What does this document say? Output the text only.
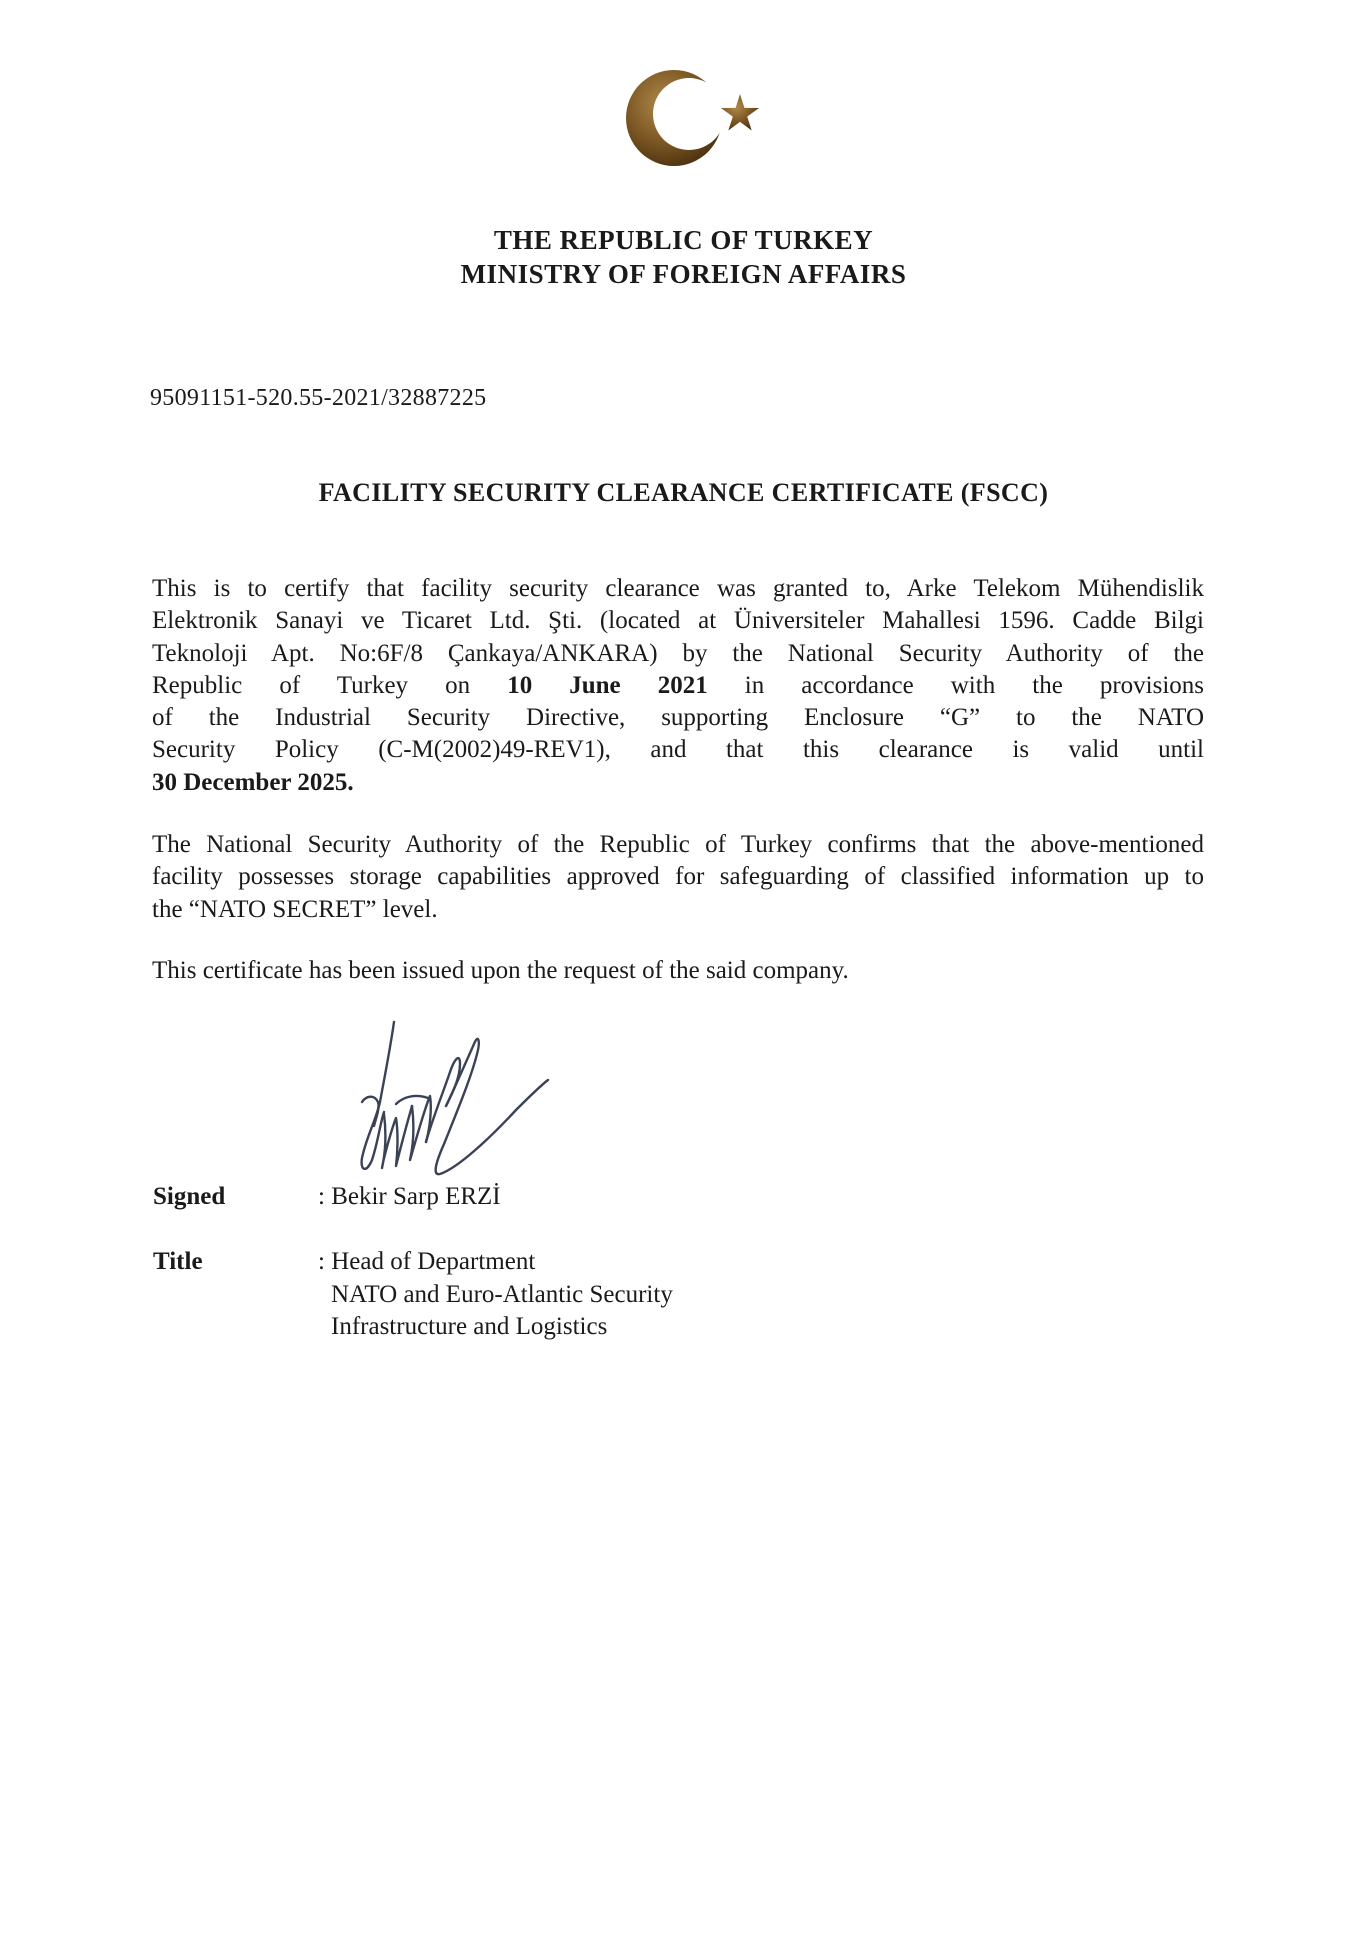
THE REPUBLIC OF TURKEY
MINISTRY OF FOREIGN AFFAIRS
95091151-520.55-2021/32887225
FACILITY SECURITY CLEARANCE CERTIFICATE (FSCC)
This is to certify that facility security clearance was granted to, Arke Telekom Mühendislik
Elektronik Sanayi ve Ticaret Ltd. Şti. (located at Üniversiteler Mahallesi 1596. Cadde Bilgi
Teknoloji Apt. No:6F/8 Çankaya/ANKARA) by the National Security Authority of the
Republic of Turkey on 10 June 2021 in accordance with the provisions
of the Industrial Security Directive, supporting Enclosure “G” to the NATO
Security Policy (C-M(2002)49-REV1), and that this clearance is valid until
30 December 2025.
The National Security Authority of the Republic of Turkey confirms that the above-mentioned
facility possesses storage capabilities approved for safeguarding of classified information up to
the “NATO SECRET” level.
This certificate has been issued upon the request of the said company.
Signed	: Bekir Sarp ERZİ
Title	: Head of Department
NATO and Euro-Atlantic Security
Infrastructure and Logistics
